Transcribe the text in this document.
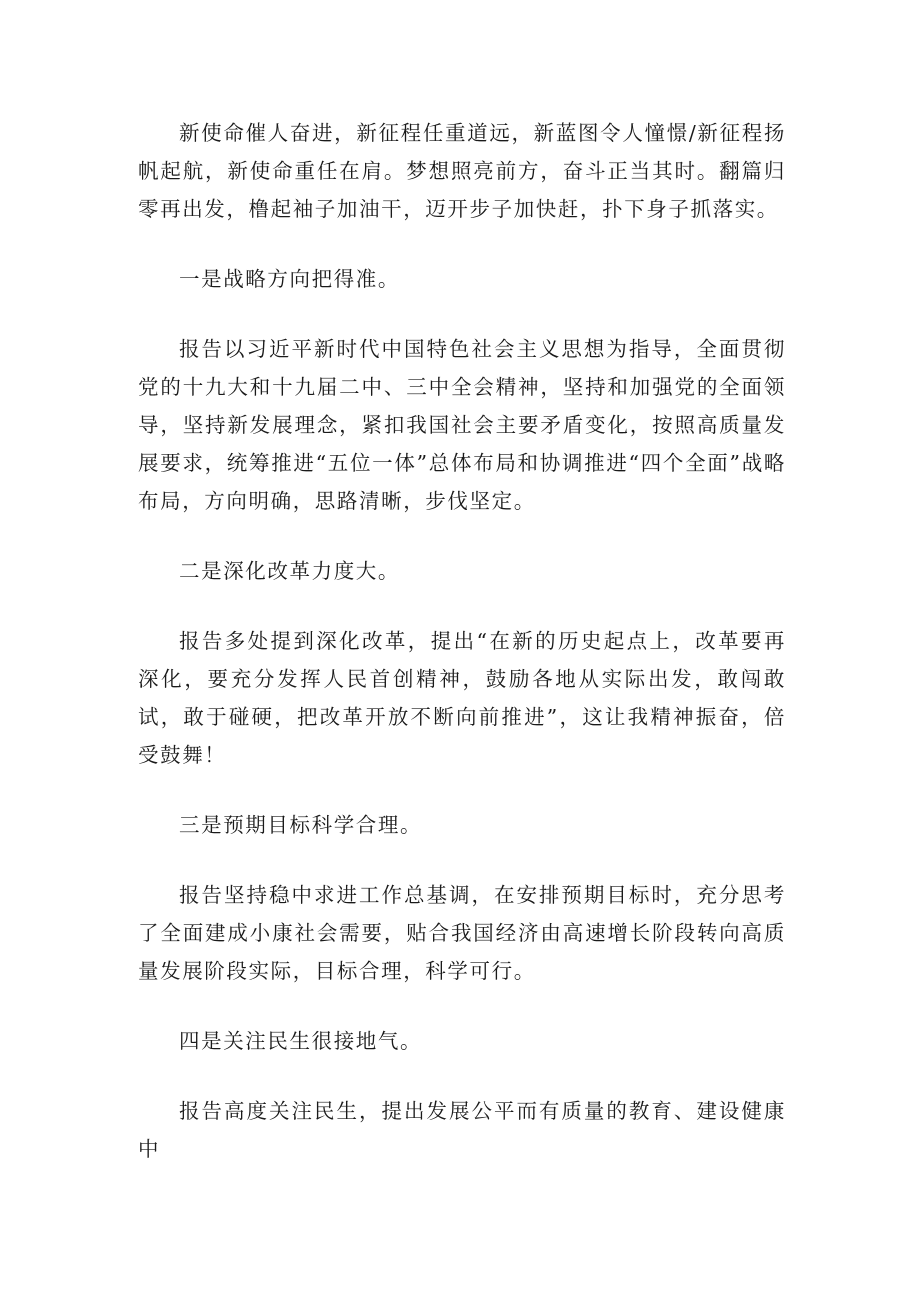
新使命催人奋进，新征程任重道远，新蓝图令人憧憬/新征程扬帆起航，新使命重任在肩。梦想照亮前方，奋斗正当其时。翻篇归零再出发，橹起袖子加油干，迈开步子加快赶，扑下身子抓落实。

一是战略方向把得准。

报告以习近平新时代中国特色社会主义思想为指导，全面贯彻党的十九大和十九届二中、三中全会精神，坚持和加强党的全面领导，坚持新发展理念，紧扣我国社会主要矛盾变化，按照高质量发展要求，统筹推进“五位一体”总体布局和协调推进“四个全面”战略布局，方向明确，思路清晰，步伐坚定。

二是深化改革力度大。

报告多处提到深化改革，提出“在新的历史起点上，改革要再深化，要充分发挥人民首创精神，鼓励各地从实际出发，敢闯敢试，敢于碰硬，把改革开放不断向前推进”，这让我精神振奋，倍受鼓舞！

三是预期目标科学合理。

报告坚持稳中求进工作总基调，在安排预期目标时，充分思考了全面建成小康社会需要，贴合我国经济由高速增长阶段转向高质量发展阶段实际，目标合理，科学可行。

四是关注民生很接地气。

报告高度关注民生，提出发展公平而有质量的教育、建设健康中
